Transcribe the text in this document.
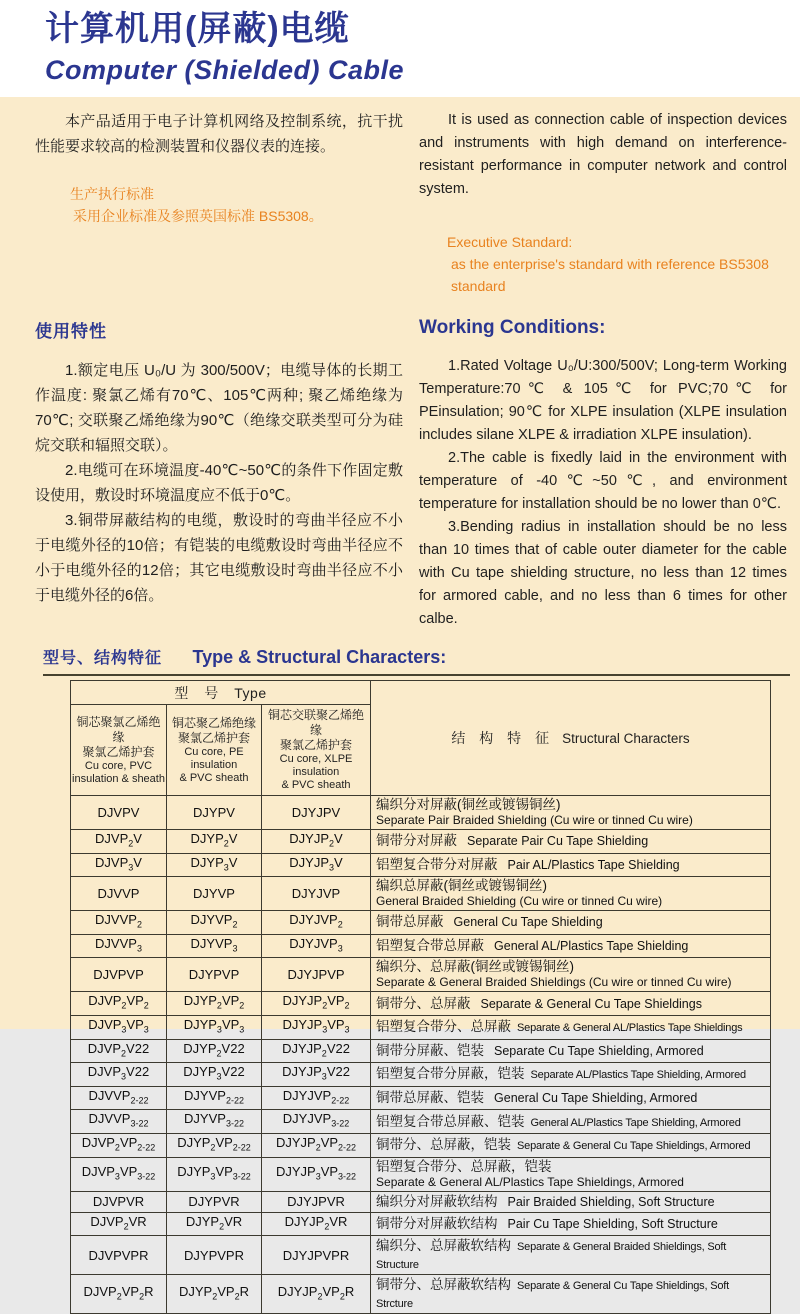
计算机用(屏蔽)电缆
Computer (Shielded) Cable

本产品适用于电子计算机网络及控制系统，抗干扰性能要求较高的检测装置和仪器仪表的连接。

生产执行标准
采用企业标准及参照英国标准 BS5308。

It is used as connection cable of inspection devices and instruments with high demand on interference-resistant performance in computer network and control system.

Executive Standard:
as the enterprise's standard with reference BS5308 standard
使用特性

1.额定电压 U₀/U 为 300/500V；电缆导体的长期工作温度: 聚氯乙烯有70℃、105℃两种; 聚乙烯绝缘为70℃; 交联聚乙烯绝缘为90℃（绝缘交联类型可分为硅烷交联和辐照交联）。

2.电缆可在环境温度-40℃~50℃的条件下作固定敷设使用，敷设时环境温度应不低于0℃。

3.铜带屏蔽结构的电缆，敷设时的弯曲半径应不小于电缆外径的10倍；有铠装的电缆敷设时弯曲半径应不小于电缆外径的12倍；其它电缆敷设时弯曲半径应不小于电缆外径的6倍。

Working Conditions:

1.Rated Voltage U₀/U:300/500V; Long-term Working Temperature:70℃ & 105℃ for PVC;70℃ for PEinsulation; 90℃ for XLPE insulation (XLPE insulation includes silane XLPE & irradiation XLPE insulation).

2.The cable is fixedly laid in the environment with temperature of -40℃~50℃, and environment temperature for installation should be no lower than 0℃.

3.Bending radius in installation should be no less than 10 times that of cable outer diameter for the cable with Cu tape shielding structure, no less than 12 times for armored cable, and no less than 6 times for other calbe.

型号、结构特征 Type & Structural Characters:
型 号 Type			结 构 特 征 Structural Characters

铜芯聚氯乙烯绝缘
聚氯乙烯护套
Cu core, PVC
insulation & sheath	铜芯聚乙烯绝缘
聚氯乙烯护套
Cu core, PE insulation
& PVC sheath	铜芯交联聚乙烯绝缘
聚氯乙烯护套
Cu core, XLPE insulation
& PVC sheath	

DJVPV	DJYPV	DJYJPV	编织分对屏蔽(铜丝或镀锡铜丝)
Separate Pair Braided Shielding (Cu wire or tinned Cu wire)

$DJVP_2V$	$DJYP_2V$	$DJYJP_2V$	铜带分对屏蔽 Separate Pair Cu Tape Shielding
$DJVP_3V$	$DJYP_3V$	$DJYJP_3V$	铝塑复合带分对屏蔽 Pair AL/Plastics Tape Shielding
DJVVP	DJYVP	DJYJVP	编织总屏蔽(铜丝或镀锡铜丝)
General Braided Shielding (Cu wire or tinned Cu wire)

$DJVVP_2$	$DJYVP_2$	$DJYJVP_2$	铜带总屏蔽 General Cu Tape Shielding
$DJVVP_3$	$DJYVP_3$	$DJYJVP_3$	铝塑复合带总屏蔽 General AL/Plastics Tape Shielding
DJVPVP	DJYPVP	DJYJPVP	编织分、总屏蔽(铜丝或镀锡铜丝)
Separate & General Braided Shieldings (Cu wire or tinned Cu wire)

$DJVP_2VP_2$	$DJYP_2VP_2$	$DJYJP_2VP_2$	铜带分、总屏蔽 Separate & General Cu Tape Shieldings
$DJVP_3VP_3$	$DJYP_3VP_3$	$DJYJP_3VP_3$	铝塑复合带分、总屏蔽 Separate & General AL/Plastics Tape Shieldings
$DJVP_2V22$	$DJYP_2V22$	$DJYJP_2V22$	铜带分屏蔽、铠装 Separate Cu Tape Shielding, Armored
$DJVP_3V22$	$DJYP_3V22$	$DJYJP_3V22$	铝塑复合带分屏蔽，铠装 Separate AL/Plastics Tape Shielding, Armored
$DJVVP_{2-22}$	$DJYVP_{2-22}$	$DJYJVP_{2-22}$	铜带总屏蔽、铠装 General Cu Tape Shielding, Armored
$DJVVP_{3-22}$	$DJYVP_{3-22}$	$DJYJVP_{3-22}$	铝塑复合带总屏蔽、铠装 General AL/Plastics Tape Shielding, Armored
$DJVP_2VP_{2-22}$	$DJYP_2VP_{2-22}$	$DJYJP_2VP_{2-22}$	铜带分、总屏蔽，铠装 Separate & General Cu Tape Shieldings, Armored
$DJVP_3VP_{3-22}$	$DJYP_3VP_{3-22}$	$DJYJP_3VP_{3-22}$	铝塑复合带分、总屏蔽，铠装
Separate & General AL/Plastics Tape Shieldings, Armored

DJVPVR	DJYPVR	DJYJPVR	编织分对屏蔽软结构 Pair Braided Shielding, Soft Structure
$DJVP_2VR$	$DJYP_2VR$	$DJYJP_2VR$	铜带分对屏蔽软结构 Pair Cu Tape Shielding, Soft Structure
DJVPVPR	DJYPVPR	DJYJPVPR	编织分、总屏蔽软结构 Separate & General Braided Shieldings, Soft Structure
$DJVP_2VP_2R$	$DJYP_2VP_2R$	$DJYJP_2VP_2R$	铜带分、总屏蔽软结构 Separate & General Cu Tape Shieldings, Soft Strcture
